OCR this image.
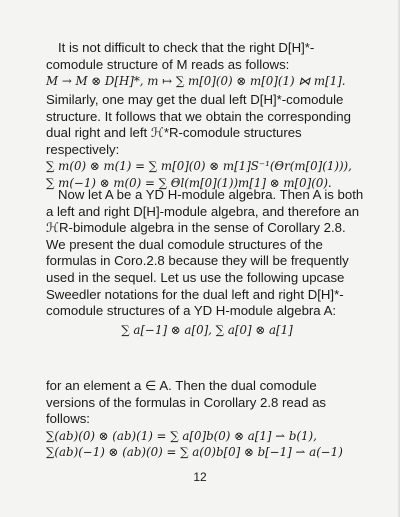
It is not difficult to check that the right D[H]*-

comodule structure of M reads as follows:

M → M ⊗ D[H]*, m ↦ ∑ m[0](0) ⊗ m[0](1) ⋈ m[1].

Similarly, one may get the dual left D[H]*-comodule structure. It follows that we obtain the corresponding dual right and left ℋ*R-comodule structures respectively:

∑ m(0) ⊗ m(1) = ∑ m[0](0) ⊗ m[1]S⁻¹(Θr(m[0](1))),

∑ m(−1) ⊗ m(0) = ∑ Θl(m[0](1))m[1] ⊗ m[0](0).

Now let A be a YD H-module algebra. Then A is both a left and right D[H]-module algebra, and therefore an ℋR-bimodule algebra in the sense of Corollary 2.8. We present the dual comodule structures of the formulas in Coro.2.8 because they will be frequently used in the sequel. Let us use the following upcase Sweedler notations for the dual left and right D[H]*-comodule structures of a YD H-module algebra A:

∑ a[−1] ⊗ a[0], ∑ a[0] ⊗ a[1]

for an element a ∈ A. Then the dual comodule versions of the formulas in Corollary 2.8 read as follows:

∑(ab)(0) ⊗ (ab)(1) = ∑ a[0]b(0) ⊗ a[1] ⇀ b(1),

∑(ab)(−1) ⊗ (ab)(0) = ∑ a(0)b[0] ⊗ b[−1] ⇀ a(−1)

12
